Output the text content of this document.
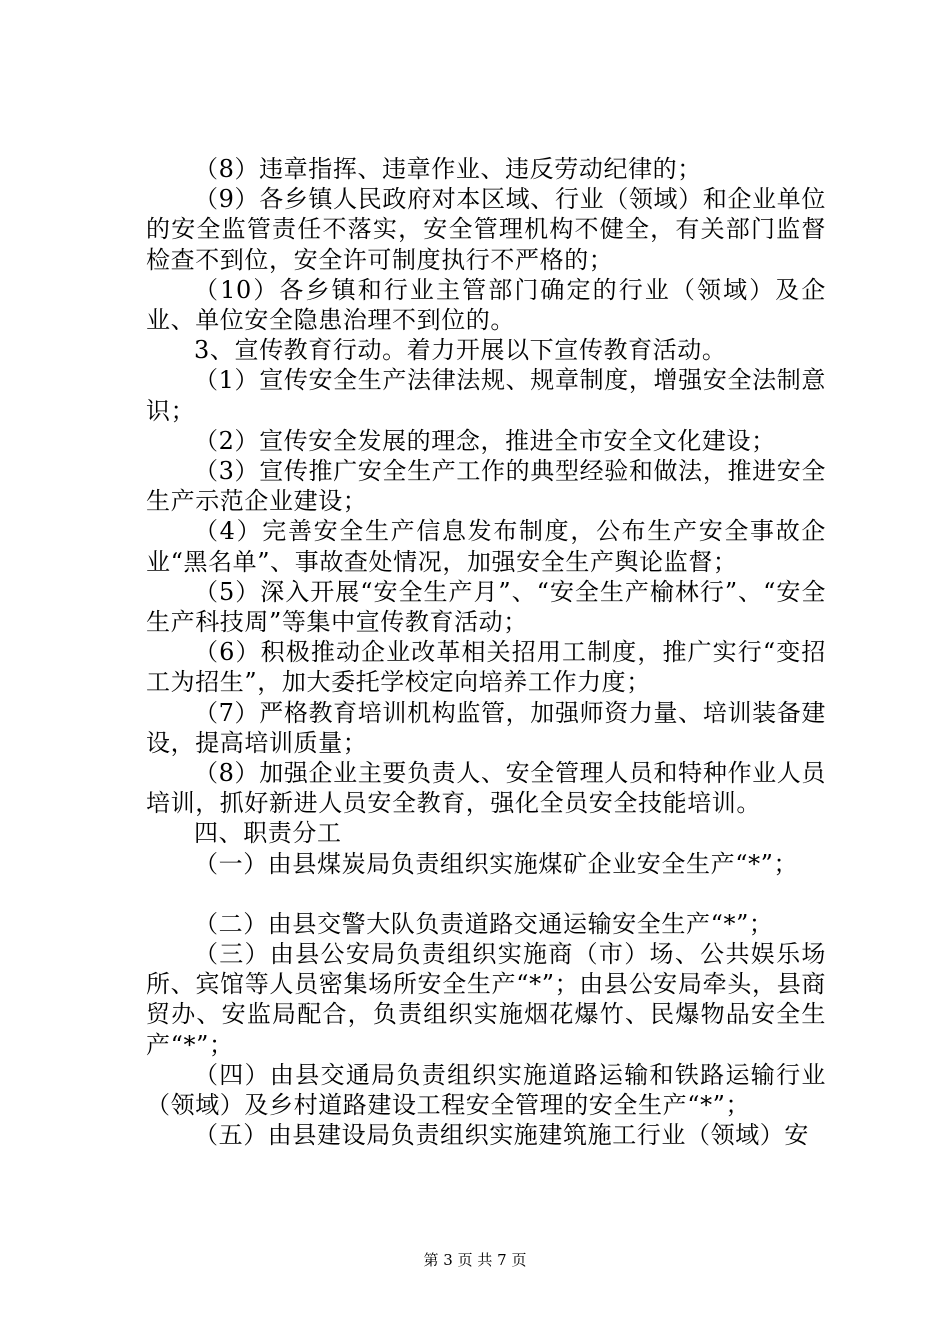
（8）违章指挥、违章作业、违反劳动纪律的；

（9）各乡镇人民政府对本区域、行业（领域）和企业单位的安全监管责任不落实，安全管理机构不健全，有关部门监督检查不到位，安全许可制度执行不严格的；

（10）各乡镇和行业主管部门确定的行业（领域）及企业、单位安全隐患治理不到位的。

3、宣传教育行动。着力开展以下宣传教育活动。

（1）宣传安全生产法律法规、规章制度，增强安全法制意识；

（2）宣传安全发展的理念，推进全市安全文化建设；

（3）宣传推广安全生产工作的典型经验和做法，推进安全生产示范企业建设；

（4）完善安全生产信息发布制度，公布生产安全事故企业“黑名单”、事故查处情况，加强安全生产舆论监督；

（5）深入开展“安全生产月”、“安全生产榆林行”、“安全生产科技周”等集中宣传教育活动；

（6）积极推动企业改革相关招用工制度，推广实行“变招工为招生”，加大委托学校定向培养工作力度；

（7）严格教育培训机构监管，加强师资力量、培训装备建设，提高培训质量；

（8）加强企业主要负责人、安全管理人员和特种作业人员培训，抓好新进人员安全教育，强化全员安全技能培训。

四、职责分工

（一）由县煤炭局负责组织实施煤矿企业安全生产“*”；

（二）由县交警大队负责道路交通运输安全生产“*”；

（三）由县公安局负责组织实施商（市）场、公共娱乐场所、宾馆等人员密集场所安全生产“*”；由县公安局牵头，县商贸办、安监局配合，负责组织实施烟花爆竹、民爆物品安全生产“*”；

（四）由县交通局负责组织实施道路运输和铁路运输行业（领域）及乡村道路建设工程安全管理的安全生产“*”；

（五）由县建设局负责组织实施建筑施工行业（领域）安

第 3 页 共 7 页
